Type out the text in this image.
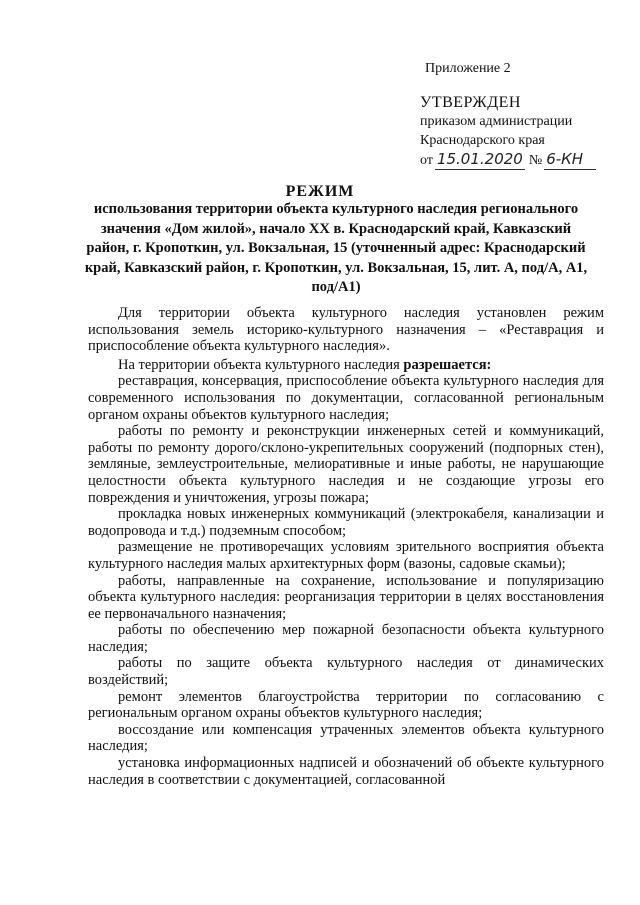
Приложение 2
УТВЕРЖДЕН
приказом администрации
Краснодарского края
от 15.01.2020 № 6-КН
РЕЖИМ
использования территории объекта культурного наследия регионального значения «Дом жилой», начало ХХ в. Краснодарский край, Кавказский район, г. Кропоткин, ул. Вокзальная, 15 (уточненный адрес: Краснодарский край, Кавказский район, г. Кропоткин, ул. Вокзальная, 15, лит. А, под/А, А1, под/А1)

Для территории объекта культурного наследия установлен режим использования земель историко-культурного назначения – «Реставрация и приспособление объекта культурного наследия».

На территории объекта культурного наследия разрешается:

реставрация, консервация, приспособление объекта культурного наследия для современного использования по документации, согласованной региональным органом охраны объектов культурного наследия;

работы по ремонту и реконструкции инженерных сетей и коммуникаций, работы по ремонту дорого/склоно-укрепительных сооружений (подпорных стен), земляные, землеустроительные, мелиоративные и иные работы, не нарушающие целостности объекта культурного наследия и не создающие угрозы его повреждения и уничтожения, угрозы пожара;

прокладка новых инженерных коммуникаций (электрокабеля, канализации и водопровода и т.д.) подземным способом;

размещение не противоречащих условиям зрительного восприятия объекта культурного наследия малых архитектурных форм (вазоны, садовые скамьи);

работы, направленные на сохранение, использование и популяризацию объекта культурного наследия: реорганизация территории в целях восстановления ее первоначального назначения;

работы по обеспечению мер пожарной безопасности объекта культурного наследия;

работы по защите объекта культурного наследия от динамических воздействий;

ремонт элементов благоустройства территории по согласованию с региональным органом охраны объектов культурного наследия;

воссоздание или компенсация утраченных элементов объекта культурного наследия;

установка информационных надписей и обозначений об объекте культурного наследия в соответствии с документацией, согласованной
